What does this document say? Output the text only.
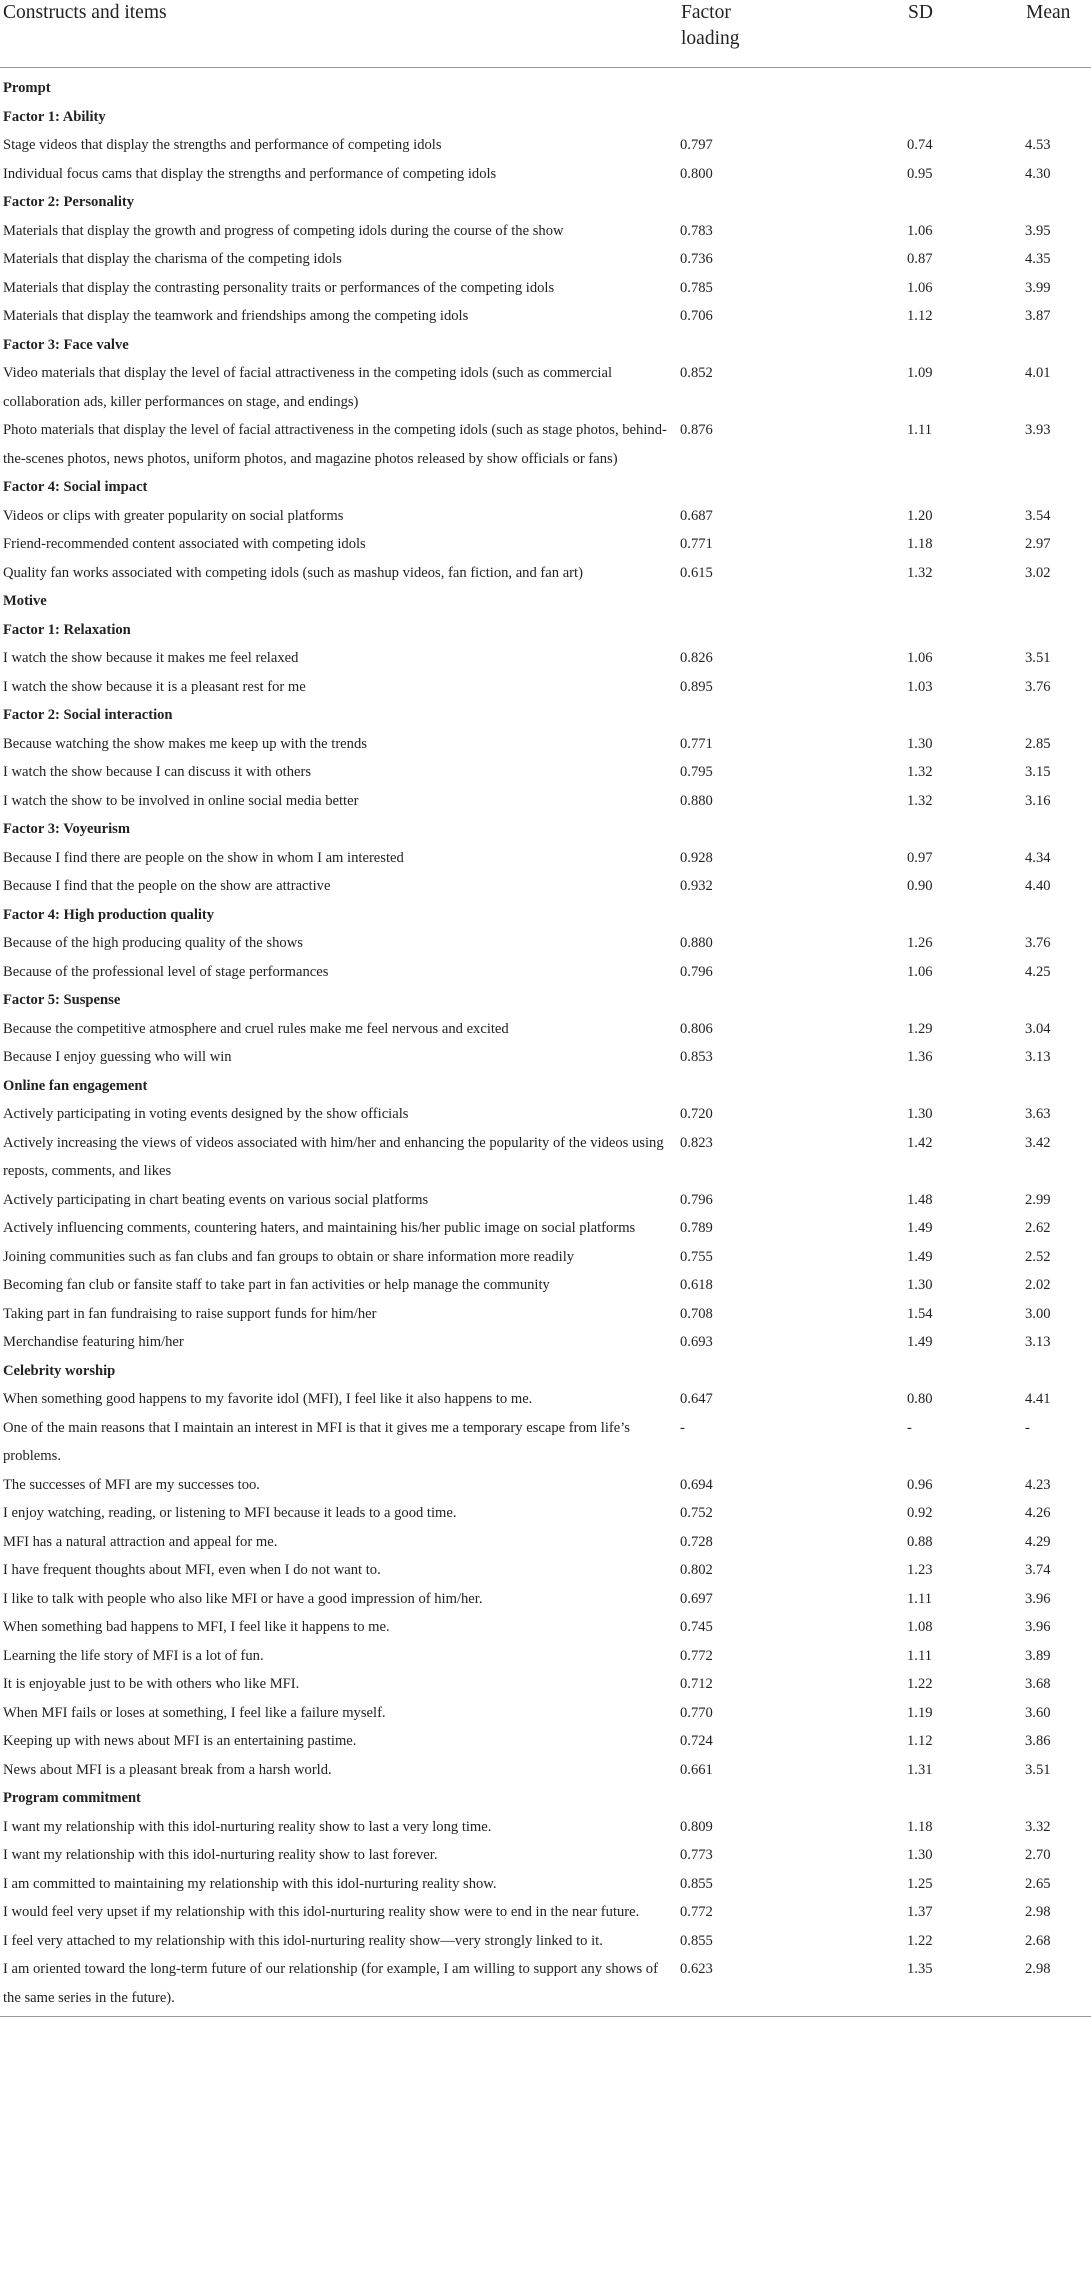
Constructs and items	Factor loading	SD	Mean
Prompt			
Factor 1: Ability			
Stage videos that display the strengths and performance of competing idols	0.797	0.74	4.53
Individual focus cams that display the strengths and performance of competing idols	0.800	0.95	4.30
Factor 2: Personality			
Materials that display the growth and progress of competing idols during the course of the show	0.783	1.06	3.95
Materials that display the charisma of the competing idols	0.736	0.87	4.35
Materials that display the contrasting personality traits or performances of the competing idols	0.785	1.06	3.99
Materials that display the teamwork and friendships among the competing idols	0.706	1.12	3.87
Factor 3: Face valve			
Video materials that display the level of facial attractiveness in the competing idols (such as commercial collaboration ads, killer performances on stage, and endings)	0.852	1.09	4.01
Photo materials that display the level of facial attractiveness in the competing idols (such as stage photos, behind-the-scenes photos, news photos, uniform photos, and magazine photos released by show officials or fans)	0.876	1.11	3.93
Factor 4: Social impact			
Videos or clips with greater popularity on social platforms	0.687	1.20	3.54
Friend-recommended content associated with competing idols	0.771	1.18	2.97
Quality fan works associated with competing idols (such as mashup videos, fan fiction, and fan art)	0.615	1.32	3.02
Motive			
Factor 1: Relaxation			
I watch the show because it makes me feel relaxed	0.826	1.06	3.51
I watch the show because it is a pleasant rest for me	0.895	1.03	3.76
Factor 2: Social interaction			
Because watching the show makes me keep up with the trends	0.771	1.30	2.85
I watch the show because I can discuss it with others	0.795	1.32	3.15
I watch the show to be involved in online social media better	0.880	1.32	3.16
Factor 3: Voyeurism			
Because I find there are people on the show in whom I am interested	0.928	0.97	4.34
Because I find that the people on the show are attractive	0.932	0.90	4.40
Factor 4: High production quality			
Because of the high producing quality of the shows	0.880	1.26	3.76
Because of the professional level of stage performances	0.796	1.06	4.25
Factor 5: Suspense			
Because the competitive atmosphere and cruel rules make me feel nervous and excited	0.806	1.29	3.04
Because I enjoy guessing who will win	0.853	1.36	3.13
Online fan engagement			
Actively participating in voting events designed by the show officials	0.720	1.30	3.63
Actively increasing the views of videos associated with him/her and enhancing the popularity of the videos using reposts, comments, and likes	0.823	1.42	3.42
Actively participating in chart beating events on various social platforms	0.796	1.48	2.99
Actively influencing comments, countering haters, and maintaining his/her public image on social platforms	0.789	1.49	2.62
Joining communities such as fan clubs and fan groups to obtain or share information more readily	0.755	1.49	2.52
Becoming fan club or fansite staff to take part in fan activities or help manage the community	0.618	1.30	2.02
Taking part in fan fundraising to raise support funds for him/her	0.708	1.54	3.00
Merchandise featuring him/her	0.693	1.49	3.13
Celebrity worship			
When something good happens to my favorite idol (MFI), I feel like it also happens to me.	0.647	0.80	4.41
One of the main reasons that I maintain an interest in MFI is that it gives me a temporary escape from life’s problems.	-	-	-
The successes of MFI are my successes too.	0.694	0.96	4.23
I enjoy watching, reading, or listening to MFI because it leads to a good time.	0.752	0.92	4.26
MFI has a natural attraction and appeal for me.	0.728	0.88	4.29
I have frequent thoughts about MFI, even when I do not want to.	0.802	1.23	3.74
I like to talk with people who also like MFI or have a good impression of him/her.	0.697	1.11	3.96
When something bad happens to MFI, I feel like it happens to me.	0.745	1.08	3.96
Learning the life story of MFI is a lot of fun.	0.772	1.11	3.89
It is enjoyable just to be with others who like MFI.	0.712	1.22	3.68
When MFI fails or loses at something, I feel like a failure myself.	0.770	1.19	3.60
Keeping up with news about MFI is an entertaining pastime.	0.724	1.12	3.86
News about MFI is a pleasant break from a harsh world.	0.661	1.31	3.51
Program commitment			
I want my relationship with this idol-nurturing reality show to last a very long time.	0.809	1.18	3.32
I want my relationship with this idol-nurturing reality show to last forever.	0.773	1.30	2.70
I am committed to maintaining my relationship with this idol-nurturing reality show.	0.855	1.25	2.65
I would feel very upset if my relationship with this idol-nurturing reality show were to end in the near future.	0.772	1.37	2.98
I feel very attached to my relationship with this idol-nurturing reality show—very strongly linked to it.	0.855	1.22	2.68
I am oriented toward the long-term future of our relationship (for example, I am willing to support any shows of the same series in the future).	0.623	1.35	2.98
